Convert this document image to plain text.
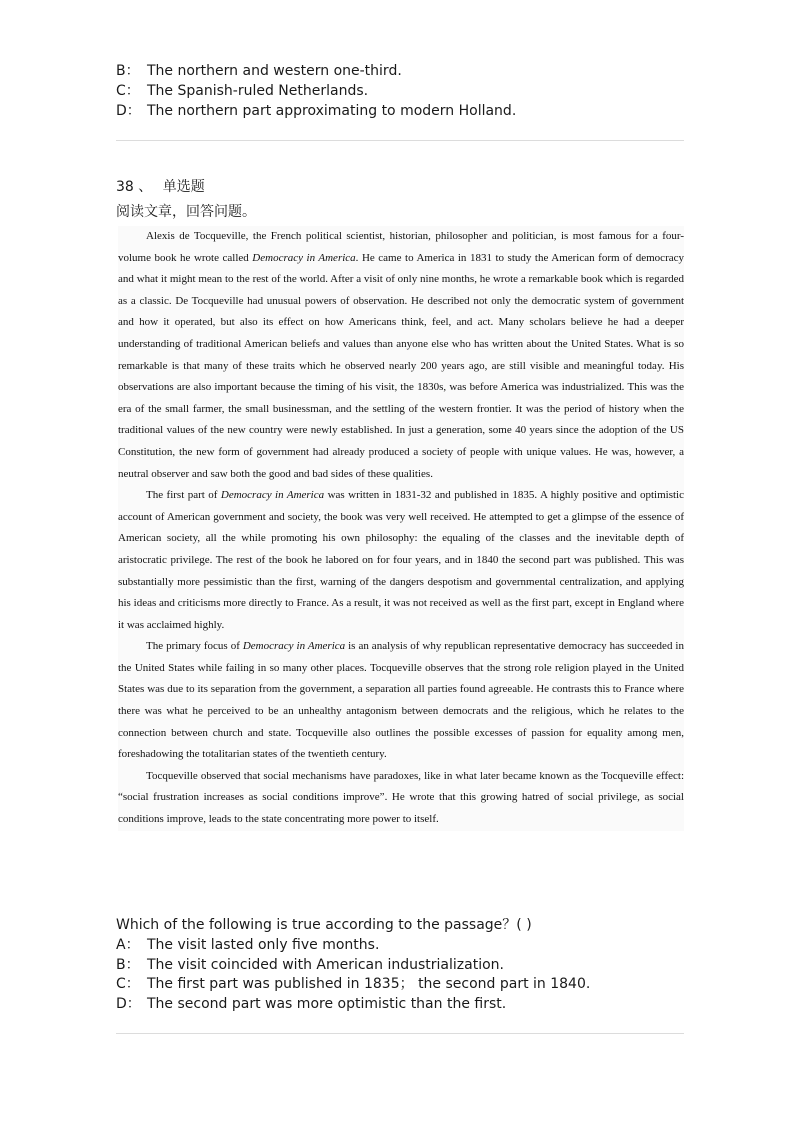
B： The northern and western one-third.
C： The Spanish-ruled Netherlands.
D： The northern part approximating to modern Holland.
38 、 单选题
阅读文章，回答问题。

Alexis de Tocqueville, the French political scientist, historian, philosopher and politician, is most famous for a four-volume book he wrote called Democracy in America. He came to America in 1831 to study the American form of democracy and what it might mean to the rest of the world. After a visit of only nine months, he wrote a remarkable book which is regarded as a classic. De Tocqueville had unusual powers of observation. He described not only the democratic system of government and how it operated, but also its effect on how Americans think, feel, and act. Many scholars believe he had a deeper understanding of traditional American beliefs and values than anyone else who has written about the United States. What is so remarkable is that many of these traits which he observed nearly 200 years ago, are still visible and meaningful today. His observations are also important because the timing of his visit, the 1830s, was before America was industrialized. This was the era of the small farmer, the small businessman, and the settling of the western frontier. It was the period of history when the traditional values of the new country were newly established. In just a generation, some 40 years since the adoption of the US Constitution, the new form of government had already produced a society of people with unique values. He was, however, a neutral observer and saw both the good and bad sides of these qualities.

The first part of Democracy in America was written in 1831-32 and published in 1835. A highly positive and optimistic account of American government and society, the book was very well received. He attempted to get a glimpse of the essence of American society, all the while promoting his own philosophy: the equaling of the classes and the inevitable depth of aristocratic privilege. The rest of the book he labored on for four years, and in 1840 the second part was published. This was substantially more pessimistic than the first, warning of the dangers despotism and governmental centralization, and applying his ideas and criticisms more directly to France. As a result, it was not received as well as the first part, except in England where it was acclaimed highly.

The primary focus of Democracy in America is an analysis of why republican representative democracy has succeeded in the United States while failing in so many other places. Tocqueville observes that the strong role religion played in the United States was due to its separation from the government, a separation all parties found agreeable. He contrasts this to France where there was what he perceived to be an unhealthy antagonism between democrats and the religious, which he relates to the connection between church and state. Tocqueville also outlines the possible excesses of passion for equality among men, foreshadowing the totalitarian states of the twentieth century.

Tocqueville observed that social mechanisms have paradoxes, like in what later became known as the Tocqueville effect: “social frustration increases as social conditions improve”. He wrote that this growing hatred of social privilege, as social conditions improve, leads to the state concentrating more power to itself.

Which of the following is true according to the passage？( )
A： The visit lasted only five months.
B： The visit coincided with American industrialization.
C： The first part was published in 1835； the second part in 1840.
D： The second part was more optimistic than the first.
